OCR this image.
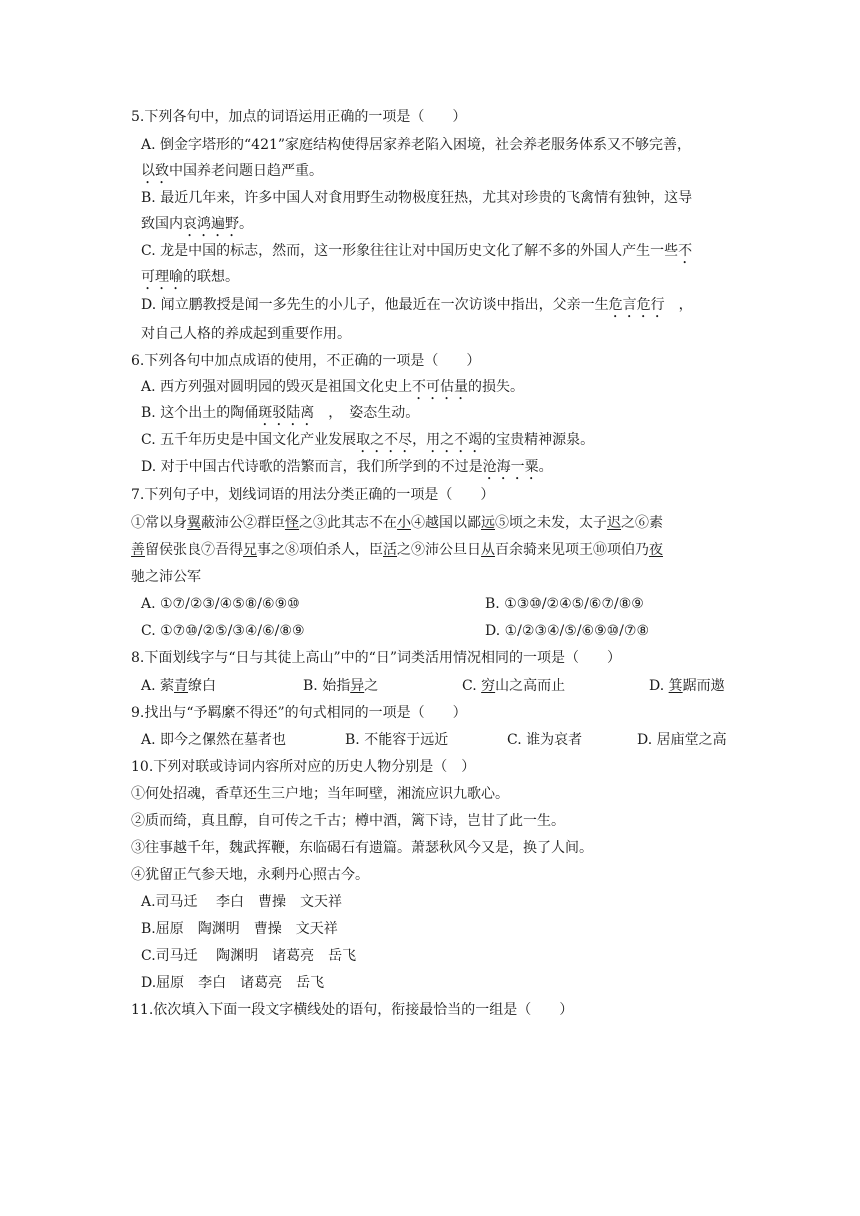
5.下列各句中，加点的词语运用正确的一项是（　　）
A. 倒金字塔形的“421”家庭结构使得居家养老陷入困境，社会养老服务体系又不够完善，
以致中国养老问题日趋严重。
B. 最近几年来，许多中国人对食用野生动物极度狂热，尤其对珍贵的飞禽情有独钟，这导
致国内哀鸿遍野。
C. 龙是中国的标志，然而，这一形象往往让对中国历史文化了解不多的外国人产生一些不
可理喻的联想。
D. 闻立鹏教授是闻一多先生的小儿子，他最近在一次访谈中指出，父亲一生危言危行　，
对自己人格的养成起到重要作用。
6.下列各句中加点成语的使用，不正确的一项是（　　）
A. 西方列强对圆明园的毁灭是祖国文化史上不可估量的损失。
B. 这个出土的陶俑斑驳陆离　，　姿态生动。
C. 五千年历史是中国文化产业发展取之不尽，用之不竭的宝贵精神源泉。
D. 对于中国古代诗歌的浩繁而言，我们所学到的不过是沧海一粟。
7.下列句子中，划线词语的用法分类正确的一项是（　　）
①常以身翼蔽沛公②群臣怪之③此其志不在小④越国以鄙远⑤顷之未发，太子迟之⑥素
善留侯张良⑦吾得兄事之⑧项伯杀人，臣活之⑨沛公旦日从百余骑来见项王⑩项伯乃夜
驰之沛公军
A. ①⑦/②③/④⑤⑧/⑥⑨⑩	B. ①③⑩/②④⑤/⑥⑦/⑧⑨
C. ①⑦⑩/②⑤/③④/⑥/⑧⑨	D. ①/②③④/⑤/⑥⑨⑩/⑦⑧
8.下面划线字与“日与其徒上高山”中的“日”词类活用情况相同的一项是（　　）
A. 萦青缭白	B. 始指异之	C. 穷山之高而止	D. 箕踞而遨
9.找出与“予羁縻不得还”的句式相同的一项是（　　）
A. 即今之傫然在墓者也	B. 不能容于远近	C. 谁为哀者	D. 居庙堂之高
10.下列对联或诗词内容所对应的历史人物分别是（　）
①何处招魂，香草还生三户地；当年呵壁，湘流应识九歌心。
②质而绮，真且醇，自可传之千古；樽中酒，篱下诗，岂甘了此一生。
③往事越千年，魏武挥鞭，东临碣石有遗篇。萧瑟秋风今又是，换了人间。
④犹留正气参天地，永剩丹心照古今。
A.司马迁　 李白　曹操　文天祥
B.屈原　陶渊明　曹操　文天祥
C.司马迁　 陶渊明　诸葛亮　岳飞
D.屈原　李白　诸葛亮　岳飞
11.依次填入下面一段文字横线处的语句，衔接最恰当的一组是（　　）
